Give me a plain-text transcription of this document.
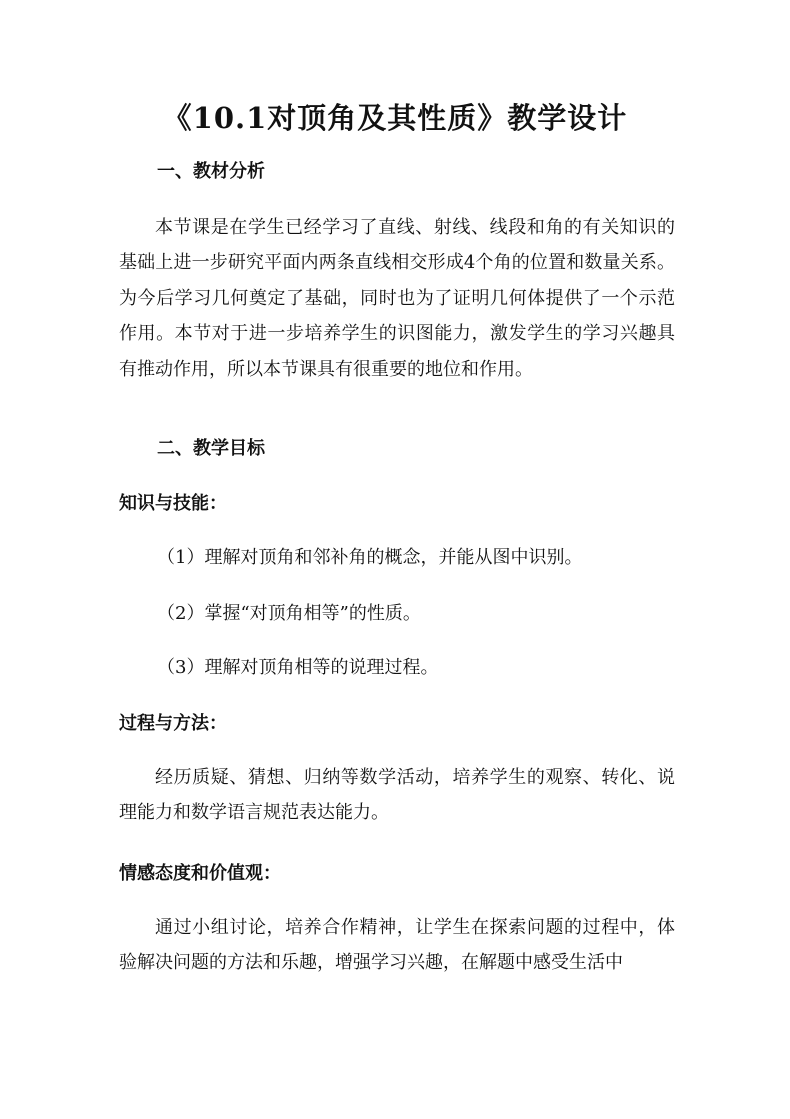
《10.1对顶角及其性质》教学设计
一、教材分析

本节课是在学生已经学习了直线、射线、线段和角的有关知识的基础上进一步研究平面内两条直线相交形成4个角的位置和数量关系。为今后学习几何奠定了基础，同时也为了证明几何体提供了一个示范作用。本节对于进一步培养学生的识图能力，激发学生的学习兴趣具有推动作用，所以本节课具有很重要的地位和作用。

二、教学目标
知识与技能：

（1）理解对顶角和邻补角的概念，并能从图中识别。

（2）掌握“对顶角相等”的性质。

（3）理解对顶角相等的说理过程。

过程与方法：

经历质疑、猜想、归纳等数学活动，培养学生的观察、转化、说理能力和数学语言规范表达能力。

情感态度和价值观：

通过小组讨论，培养合作精神，让学生在探索问题的过程中，体验解决问题的方法和乐趣，增强学习兴趣，在解题中感受生活中
